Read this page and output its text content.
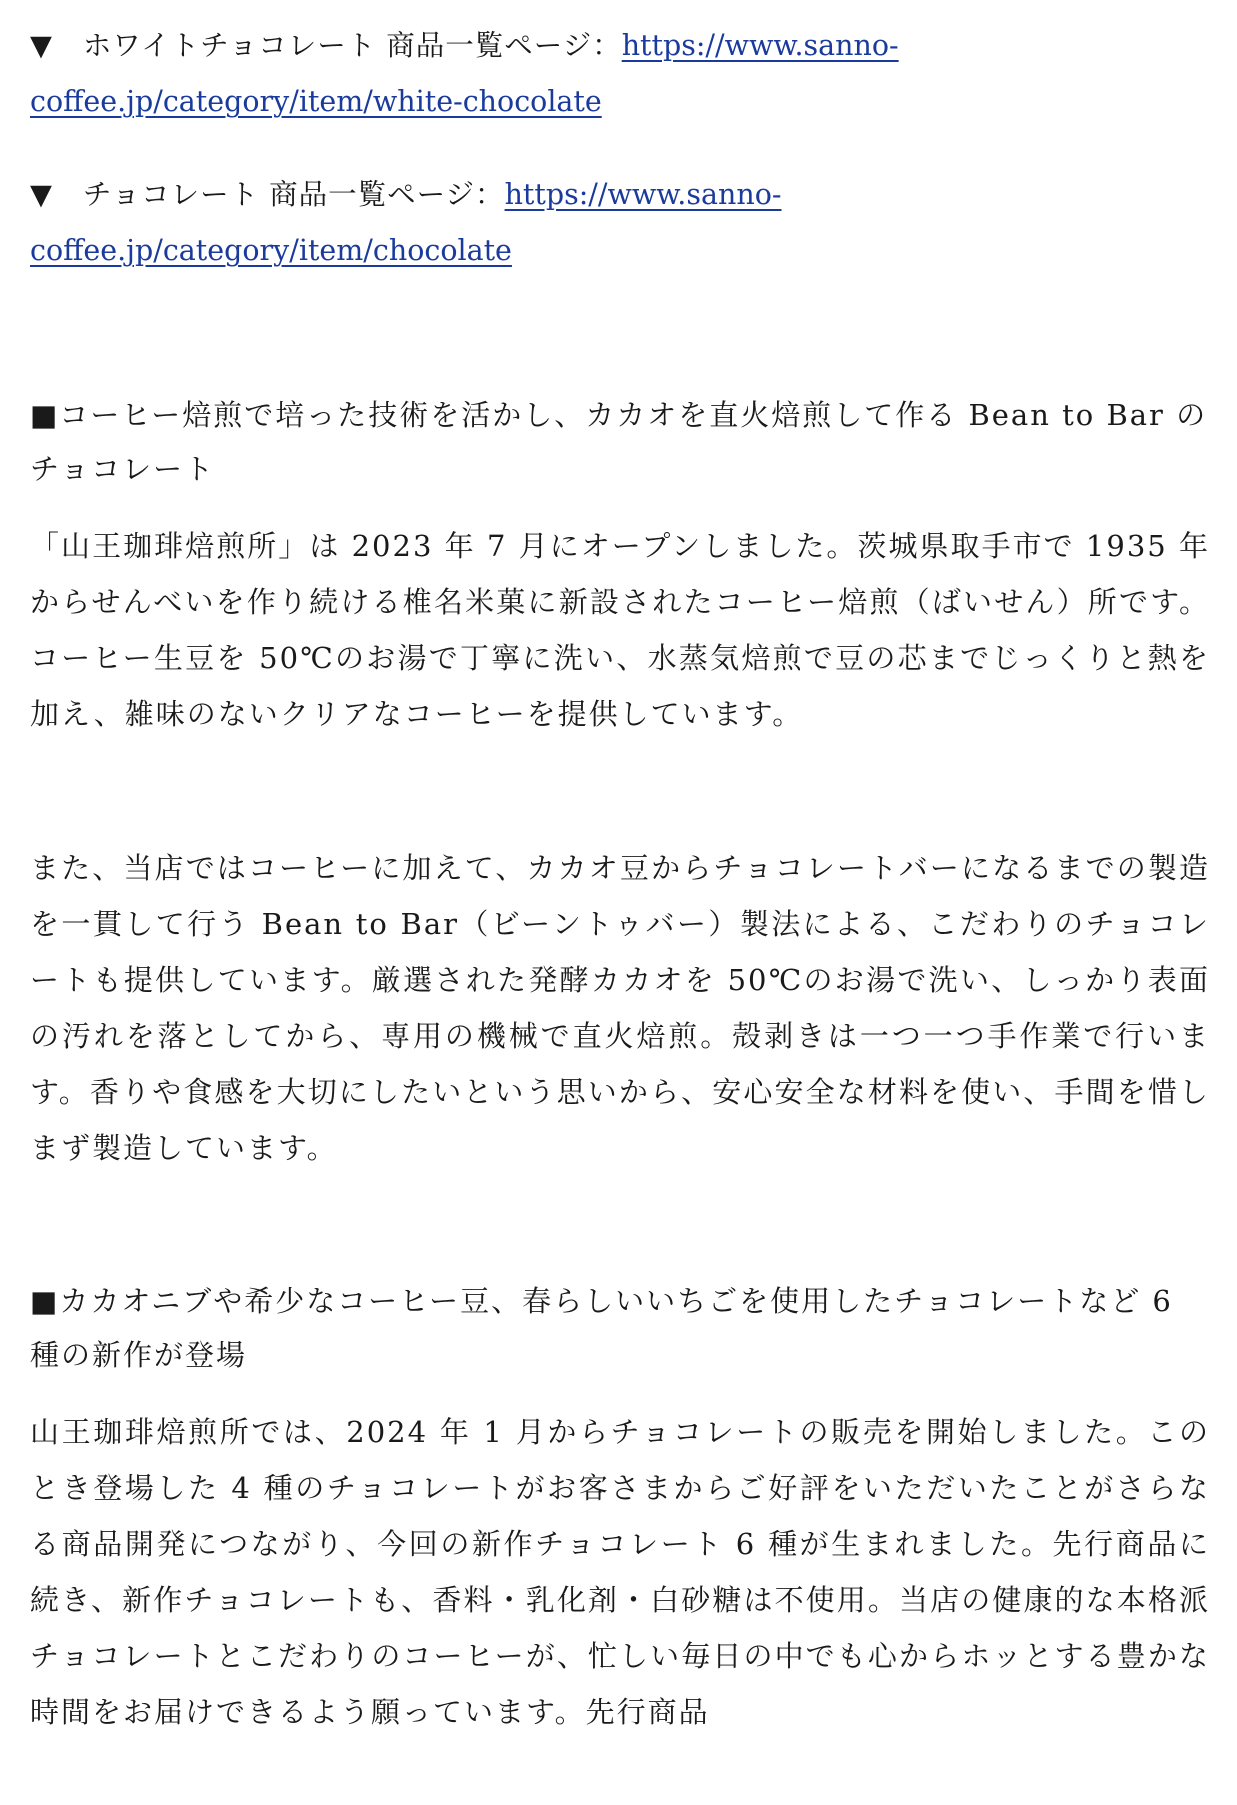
▼ ホワイトチョコレート 商品一覧ページ：https://www.sanno-coffee.jp/category/item/white-chocolate
▼ チョコレート 商品一覧ページ：https://www.sanno-coffee.jp/category/item/chocolate

■コーヒー焙煎で培った技術を活かし、カカオを直火焙煎して作る Bean to Bar のチョコレート

「山王珈琲焙煎所」は 2023 年 7 月にオープンしました。茨城県取手市で 1935 年からせんべいを作り続ける椎名米菓に新設されたコーヒー焙煎（ばいせん）所です。コーヒー生豆を 50℃のお湯で丁寧に洗い、水蒸気焙煎で豆の芯までじっくりと熱を加え、雑味のないクリアなコーヒーを提供しています。

また、当店ではコーヒーに加えて、カカオ豆からチョコレートバーになるまでの製造を一貫して行う Bean to Bar（ビーントゥバー）製法による、こだわりのチョコレートも提供しています。厳選された発酵カカオを 50℃のお湯で洗い、しっかり表面の汚れを落としてから、専用の機械で直火焙煎。殻剥きは一つ一つ手作業で行います。香りや食感を大切にしたいという思いから、安心安全な材料を使い、手間を惜しまず製造しています。

■カカオニブや希少なコーヒー豆、春らしいいちごを使用したチョコレートなど 6 種の新作が登場

山王珈琲焙煎所では、2024 年 1 月からチョコレートの販売を開始しました。このとき登場した 4 種のチョコレートがお客さまからご好評をいただいたことがさらなる商品開発につながり、今回の新作チョコレート 6 種が生まれました。先行商品に続き、新作チョコレートも、香料・乳化剤・白砂糖は不使用。当店の健康的な本格派チョコレートとこだわりのコーヒーが、忙しい毎日の中でも心からホッとする豊かな時間をお届けできるよう願っています。先行商品
